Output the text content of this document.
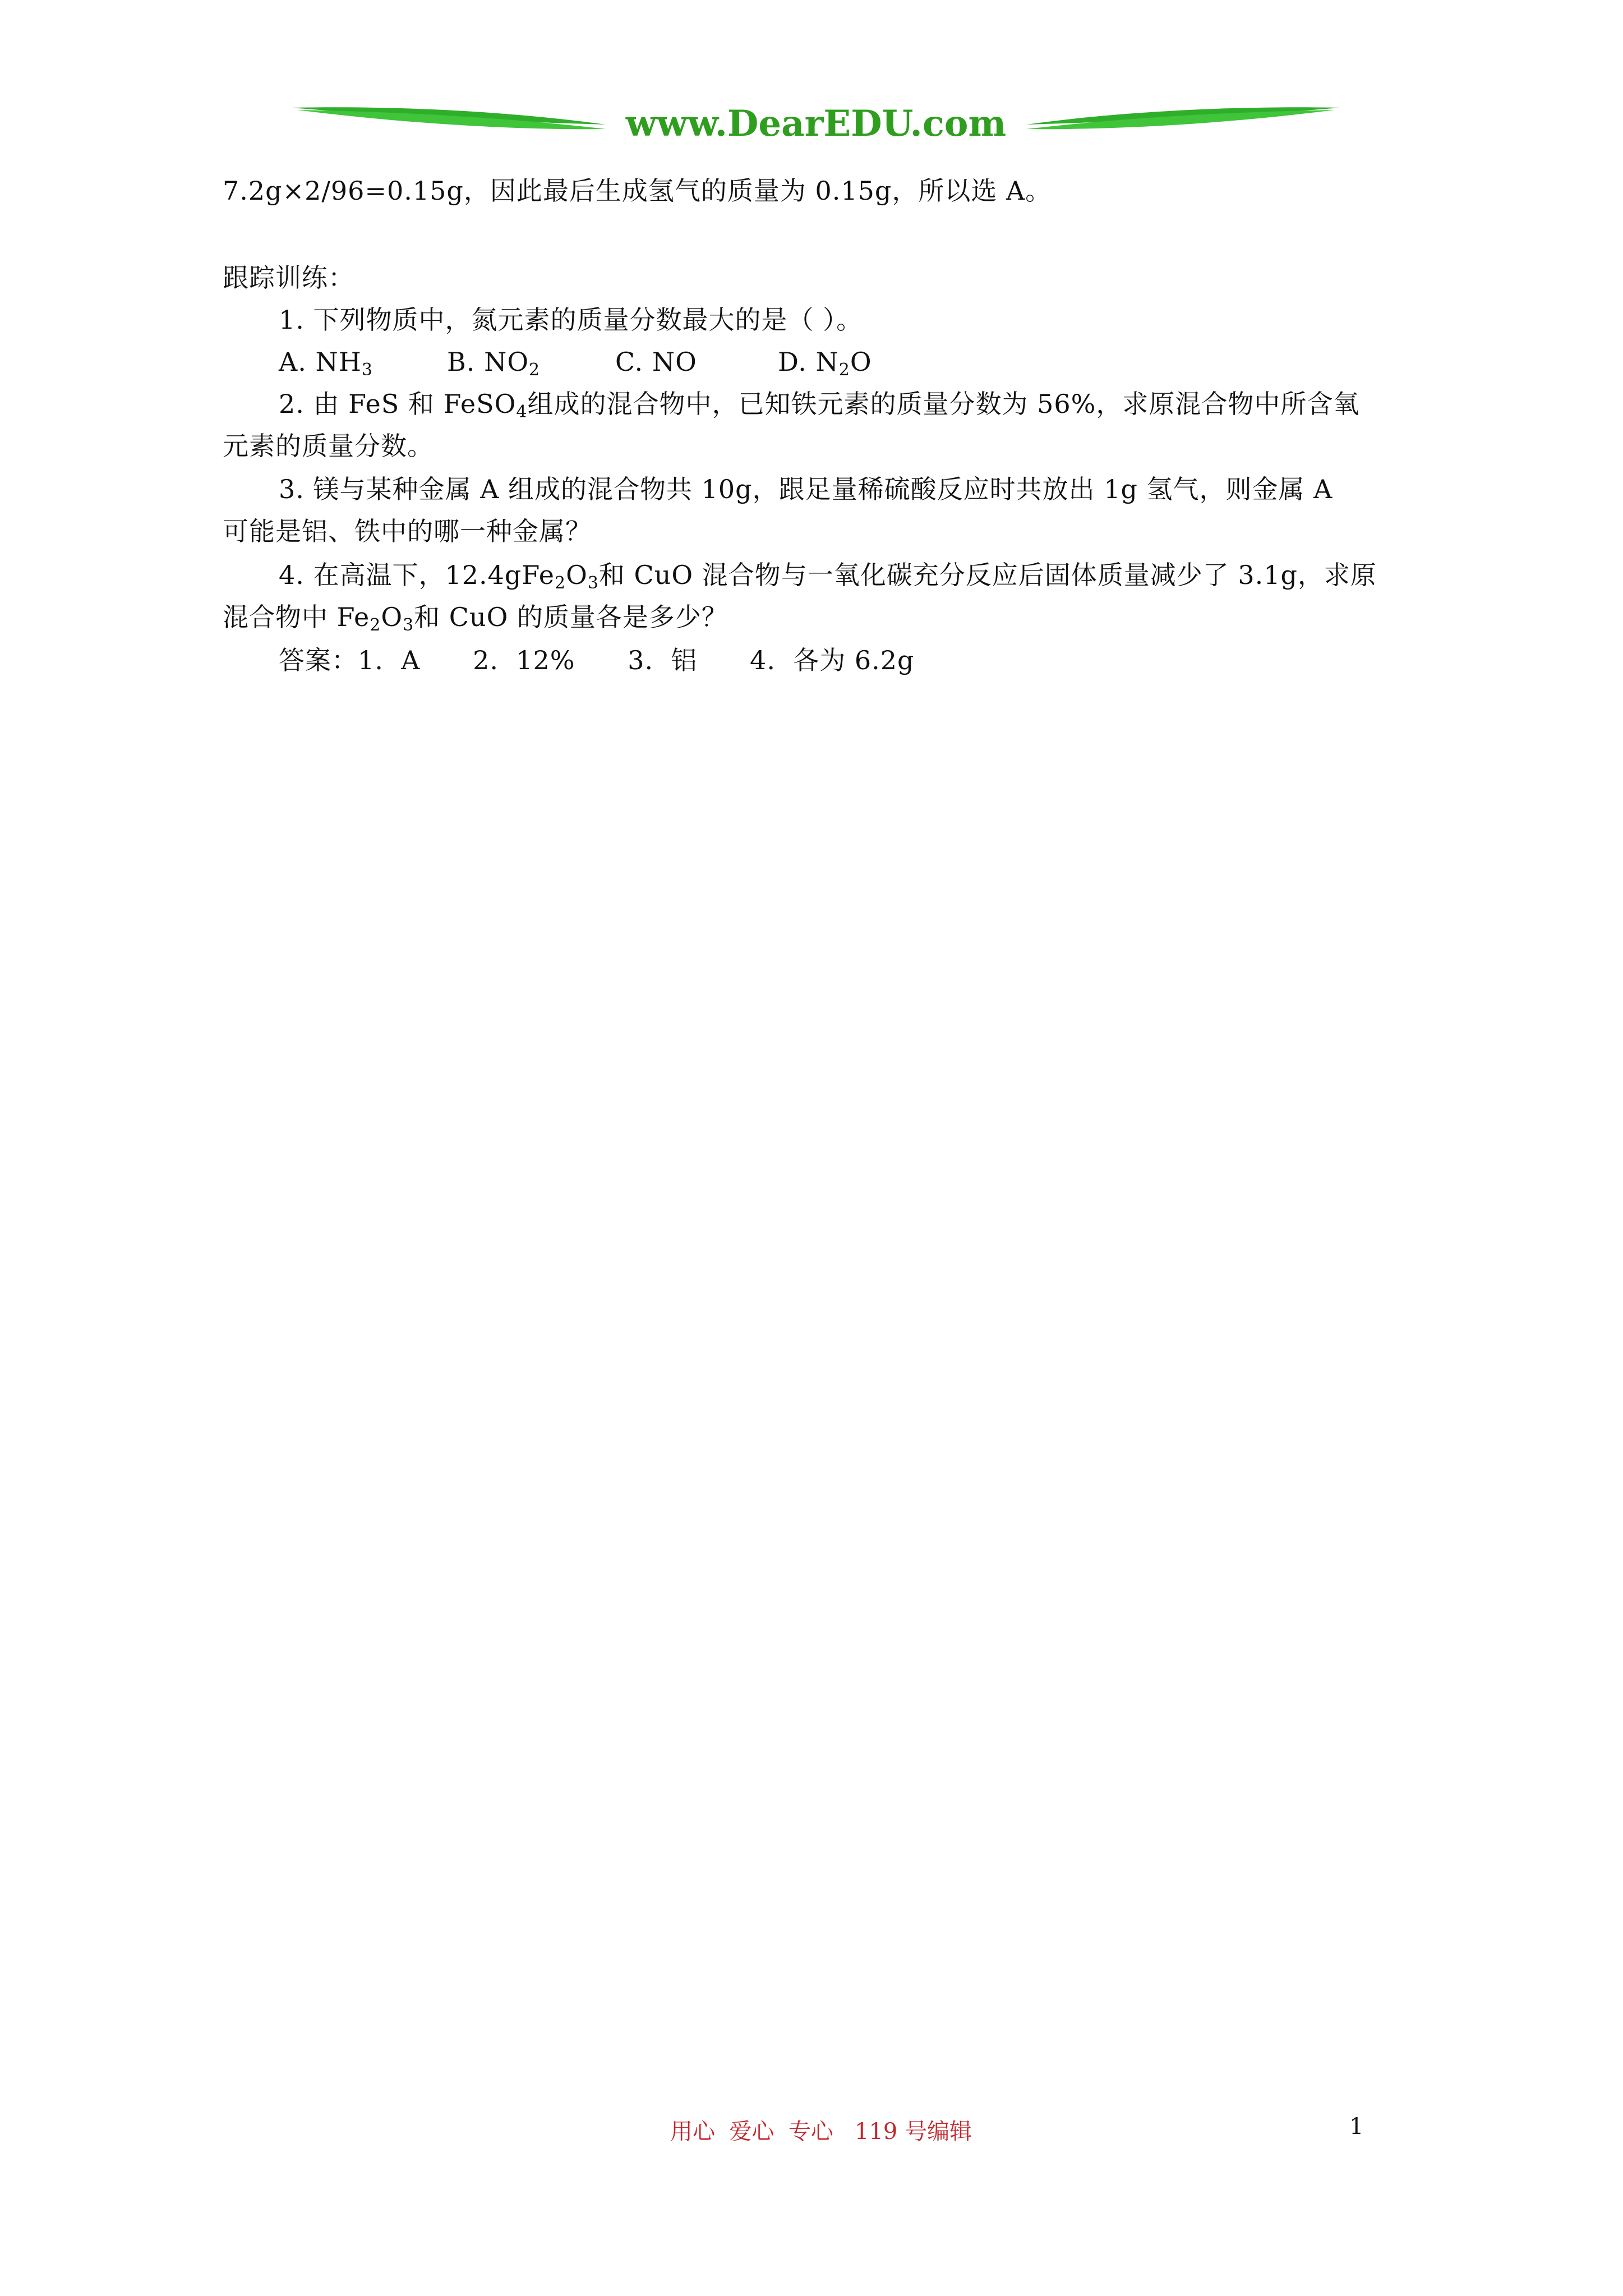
www.DearEDU.com
7.2g×2/96=0.15g，因此最后生成氢气的质量为 0.15g，所以选 A。
跟踪训练：
1. 下列物质中，氮元素的质量分数最大的是（ ）。
A. $NH_3$	B. $NO_2$	C. NO	D. $N_2O$
2. 由 FeS 和 FeSO$_4$组成的混合物中，已知铁元素的质量分数为 56%，求原混合物中所含氧
元素的质量分数。
3. 镁与某种金属 A 组成的混合物共 10g，跟足量稀硫酸反应时共放出 1g 氢气，则金属 A
可能是铝、铁中的哪一种金属？
4. 在高温下，$12.4gFe_2O_3$和 CuO 混合物与一氧化碳充分反应后固体质量减少了 3.1g，求原
混合物中 $Fe_2O_3$和 CuO 的质量各是多少？
答案：1.  A      2.  12%      3.  铝      4.  各为 6.2g
用心  爱心  专心   119 号编辑	1
